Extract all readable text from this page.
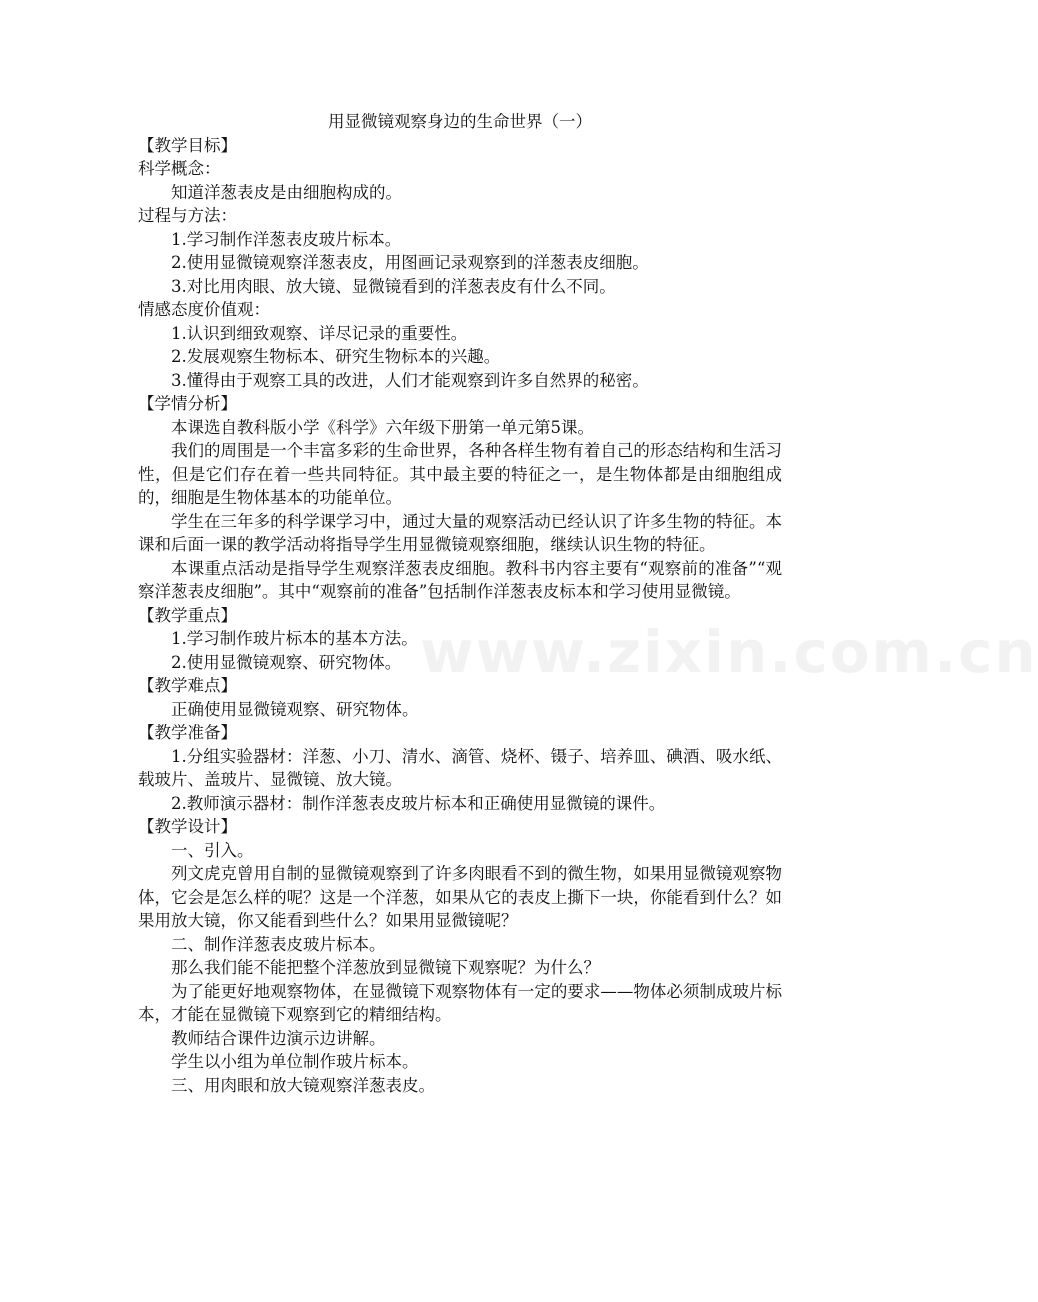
www.zixin.com.cn

用显微镜观察身边的生命世界（一）

【教学目标】

科学概念：

知道洋葱表皮是由细胞构成的。

过程与方法：

1.学习制作洋葱表皮玻片标本。

2.使用显微镜观察洋葱表皮，用图画记录观察到的洋葱表皮细胞。

3.对比用肉眼、放大镜、显微镜看到的洋葱表皮有什么不同。

情感态度价值观：

1.认识到细致观察、详尽记录的重要性。

2.发展观察生物标本、研究生物标本的兴趣。

3.懂得由于观察工具的改进，人们才能观察到许多自然界的秘密。

【学情分析】

本课选自教科版小学《科学》六年级下册第一单元第5课。

我们的周围是一个丰富多彩的生命世界，各种各样生物有着自己的形态结构和生活习性，但是它们存在着一些共同特征。其中最主要的特征之一，是生物体都是由细胞组成的，细胞是生物体基本的功能单位。

学生在三年多的科学课学习中，通过大量的观察活动已经认识了许多生物的特征。本课和后面一课的教学活动将指导学生用显微镜观察细胞，继续认识生物的特征。

本课重点活动是指导学生观察洋葱表皮细胞。教科书内容主要有“观察前的准备”“观察洋葱表皮细胞”。其中“观察前的准备”包括制作洋葱表皮标本和学习使用显微镜。

【教学重点】

1.学习制作玻片标本的基本方法。

2.使用显微镜观察、研究物体。

【教学难点】

正确使用显微镜观察、研究物体。

【教学准备】

1.分组实验器材：洋葱、小刀、清水、滴管、烧杯、镊子、培养皿、碘酒、吸水纸、载玻片、盖玻片、显微镜、放大镜。

2.教师演示器材：制作洋葱表皮玻片标本和正确使用显微镜的课件。

【教学设计】

一、引入。

列文虎克曾用自制的显微镜观察到了许多肉眼看不到的微生物，如果用显微镜观察物体，它会是怎么样的呢？这是一个洋葱，如果从它的表皮上撕下一块，你能看到什么？如果用放大镜，你又能看到些什么？如果用显微镜呢？

二、制作洋葱表皮玻片标本。

那么我们能不能把整个洋葱放到显微镜下观察呢？为什么？

为了能更好地观察物体，在显微镜下观察物体有一定的要求——物体必须制成玻片标本，才能在显微镜下观察到它的精细结构。

教师结合课件边演示边讲解。

学生以小组为单位制作玻片标本。

三、用肉眼和放大镜观察洋葱表皮。
